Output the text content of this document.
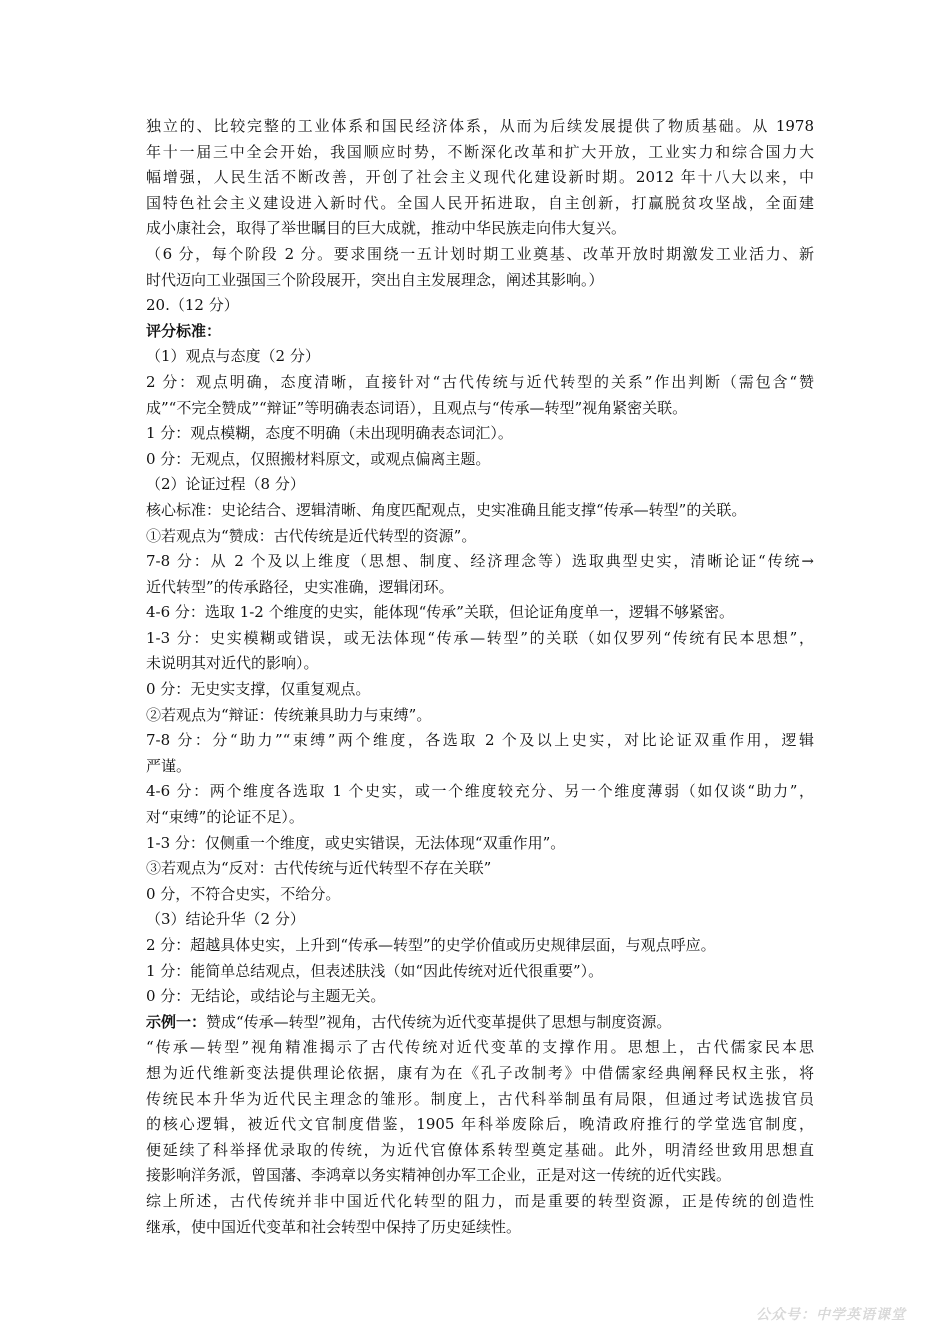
独立的、比较完整的工业体系和国民经济体系，从而为后续发展提供了物质基础。从 1978
年十一届三中全会开始，我国顺应时势，不断深化改革和扩大开放，工业实力和综合国力大
幅增强，人民生活不断改善，开创了社会主义现代化建设新时期。2012 年十八大以来，中
国特色社会主义建设进入新时代。全国人民开拓进取，自主创新，打赢脱贫攻坚战，全面建
成小康社会，取得了举世瞩目的巨大成就，推动中华民族走向伟大复兴。
（6 分，每个阶段 2 分。要求围绕一五计划时期工业奠基、改革开放时期激发工业活力、新
时代迈向工业强国三个阶段展开，突出自主发展理念，阐述其影响。）
20.（12 分）
评分标准：
（1）观点与态度（2 分）
2 分：观点明确，态度清晰，直接针对“古代传统与近代转型的关系”作出判断（需包含“赞
成”“不完全赞成”“辩证”等明确表态词语），且观点与“传承—转型”视角紧密关联。
1 分：观点模糊，态度不明确（未出现明确表态词汇）。
0 分：无观点，仅照搬材料原文，或观点偏离主题。
（2）论证过程（8 分）
核心标准：史论结合、逻辑清晰、角度匹配观点，史实准确且能支撑“传承—转型”的关联。
①若观点为“赞成：古代传统是近代转型的资源”。
7-8 分：从 2 个及以上维度（思想、制度、经济理念等）选取典型史实，清晰论证“传统→
近代转型”的传承路径，史实准确，逻辑闭环。
4-6 分：选取 1-2 个维度的史实，能体现“传承”关联，但论证角度单一，逻辑不够紧密。
1-3 分：史实模糊或错误，或无法体现“传承—转型”的关联（如仅罗列“传统有民本思想”，
未说明其对近代的影响）。
0 分：无史实支撑，仅重复观点。
②若观点为“辩证：传统兼具助力与束缚”。
7-8 分：分“助力”“束缚”两个维度，各选取 2 个及以上史实，对比论证双重作用，逻辑
严谨。
4-6 分：两个维度各选取 1 个史实，或一个维度较充分、另一个维度薄弱（如仅谈“助力”，
对“束缚”的论证不足）。
1-3 分：仅侧重一个维度，或史实错误，无法体现“双重作用”。
③若观点为“反对：古代传统与近代转型不存在关联”
0 分，不符合史实，不给分。
（3）结论升华（2 分）
2 分：超越具体史实，上升到“传承—转型”的史学价值或历史规律层面，与观点呼应。
1 分：能简单总结观点，但表述肤浅（如“因此传统对近代很重要”）。
0 分：无结论，或结论与主题无关。
示例一：赞成“传承—转型”视角，古代传统为近代变革提供了思想与制度资源。
“传承—转型”视角精准揭示了古代传统对近代变革的支撑作用。思想上，古代儒家民本思
想为近代维新变法提供理论依据，康有为在《孔子改制考》中借儒家经典阐释民权主张，将
传统民本升华为近代民主理念的雏形。制度上，古代科举制虽有局限，但通过考试选拔官员
的核心逻辑，被近代文官制度借鉴，1905 年科举废除后，晚清政府推行的学堂选官制度，
便延续了科举择优录取的传统，为近代官僚体系转型奠定基础。此外，明清经世致用思想直
接影响洋务派，曾国藩、李鸿章以务实精神创办军工企业，正是对这一传统的近代实践。
综上所述，古代传统并非中国近代化转型的阻力，而是重要的转型资源，正是传统的创造性
继承，使中国近代变革和社会转型中保持了历史延续性。
公众号：中学英语课堂
